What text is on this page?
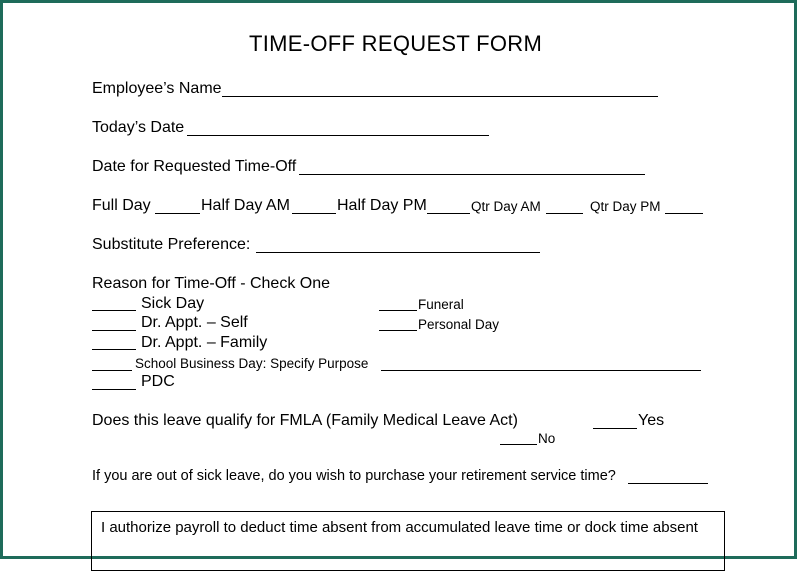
TIME-OFF REQUEST FORM
Employee’s Name
Today’s Date
Date for Requested Time-Off
Full Day	Half Day AM	Half Day PM	Qtr Day AM	Qtr Day PM
Substitute Preference:
Reason for Time-Off - Check One
Sick Day	Funeral
Dr. Appt. – Self	Personal Day
Dr. Appt. – Family
School Business Day: Specify Purpose
PDC
Does this leave qualify for FMLA (Family Medical Leave Act)	Yes
No
If you are out of sick leave, do you wish to purchase your retirement service time?
I authorize payroll to deduct time absent from accumulated leave time or dock time absent
